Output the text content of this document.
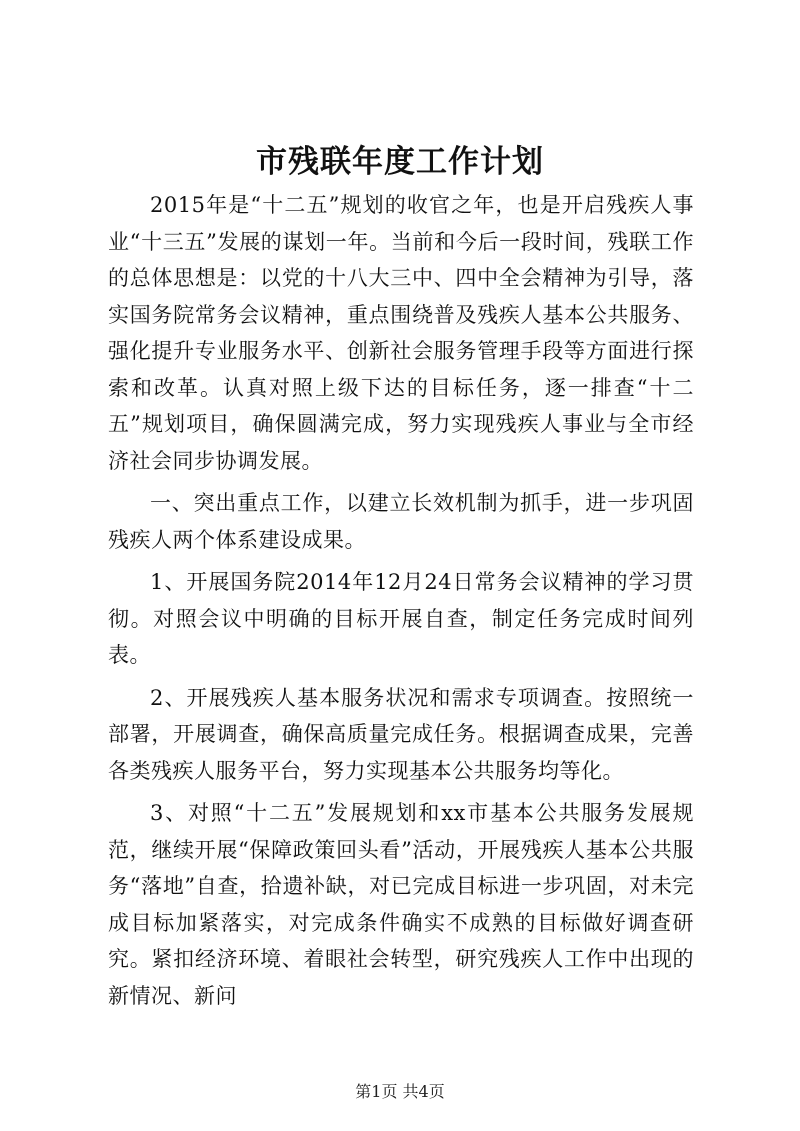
市残联年度工作计划

2015年是“十二五”规划的收官之年，也是开启残疾人事业“十三五”发展的谋划一年。当前和今后一段时间，残联工作的总体思想是：以党的十八大三中、四中全会精神为引导，落实国务院常务会议精神，重点围绕普及残疾人基本公共服务、强化提升专业服务水平、创新社会服务管理手段等方面进行探索和改革。认真对照上级下达的目标任务，逐一排查“十二五”规划项目，确保圆满完成，努力实现残疾人事业与全市经济社会同步协调发展。

一、突出重点工作，以建立长效机制为抓手，进一步巩固残疾人两个体系建设成果。

1、开展国务院2014年12月24日常务会议精神的学习贯彻。对照会议中明确的目标开展自查，制定任务完成时间列表。

2、开展残疾人基本服务状况和需求专项调查。按照统一部署，开展调查，确保高质量完成任务。根据调查成果，完善各类残疾人服务平台，努力实现基本公共服务均等化。

3、对照“十二五”发展规划和xx市基本公共服务发展规范，继续开展“保障政策回头看”活动，开展残疾人基本公共服务“落地”自查，拾遗补缺，对已完成目标进一步巩固，对未完成目标加紧落实，对完成条件确实不成熟的目标做好调查研究。紧扣经济环境、着眼社会转型，研究残疾人工作中出现的新情况、新问

第1页 共4页
